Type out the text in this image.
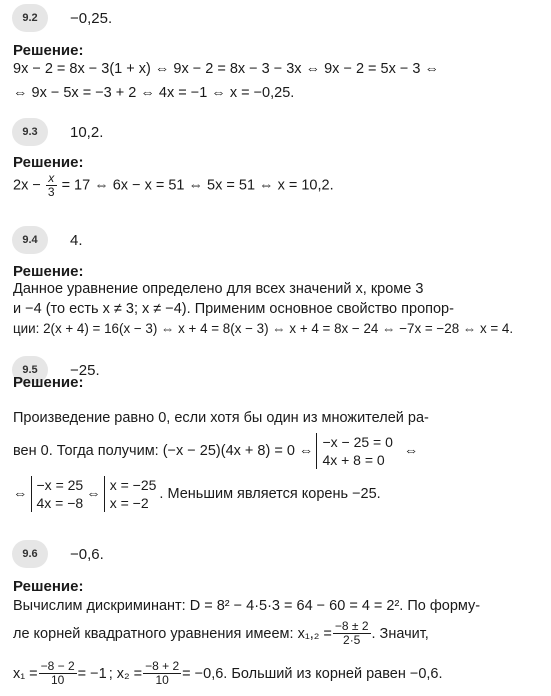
9.2	−0,25.
Решение:
9x − 2 = 8x − 3(1 + x) ⇔ 9x − 2 = 8x − 3 − 3x ⇔ 9x − 2 = 5x − 3 ⇔
⇔ 9x − 5x = −3 + 2 ⇔ 4x = −1 ⇔ x = −0,25.
9.3	10,2.
Решение:
$2x - \frac{x}{3} = 17$ ⇔ 6x − x = 51 ⇔ 5x = 51 ⇔ x = 10,2.
9.4	4.
Решение:
Данное уравнение определено для всех значений x, кроме 3
и −4 (то есть x ≠ 3; x ≠ −4). Применим основное свойство пропор-
ции: 2(x + 4) = 16(x − 3) ⇔ x + 4 = 8(x − 3) ⇔ x + 4 = 8x − 24 ⇔ −7x = −28 ⇔ x = 4.
9.5	−25.
Решение:
Произведение равно 0, если хотя бы один из множителей ра-
вен 0. Тогда получим: (−x − 25)(4x + 8) = 0 ⇔
−x − 25 = 0
4x + 8 = 0
⇔
⇔
−x = 25
4x = −8
⇔
x = −25
x = −2
. Меньшим является корень −25.
9.6	−0,6.
Решение:
Вычислим дискриминант: D = 8² − 4·5·3 = 64 − 60 = 4 = 2². По форму-
ле корней квадратного уравнения имеем: $x_1,_2 = \frac{-8 \pm 2}{2\cdot 5}$ . Значит,
$x_1 = \frac{-8 - 2}{10} = -1$ ; $x_2 = \frac{-8 + 2}{10} = -0,6$. Больший из корней равен −0,6.
